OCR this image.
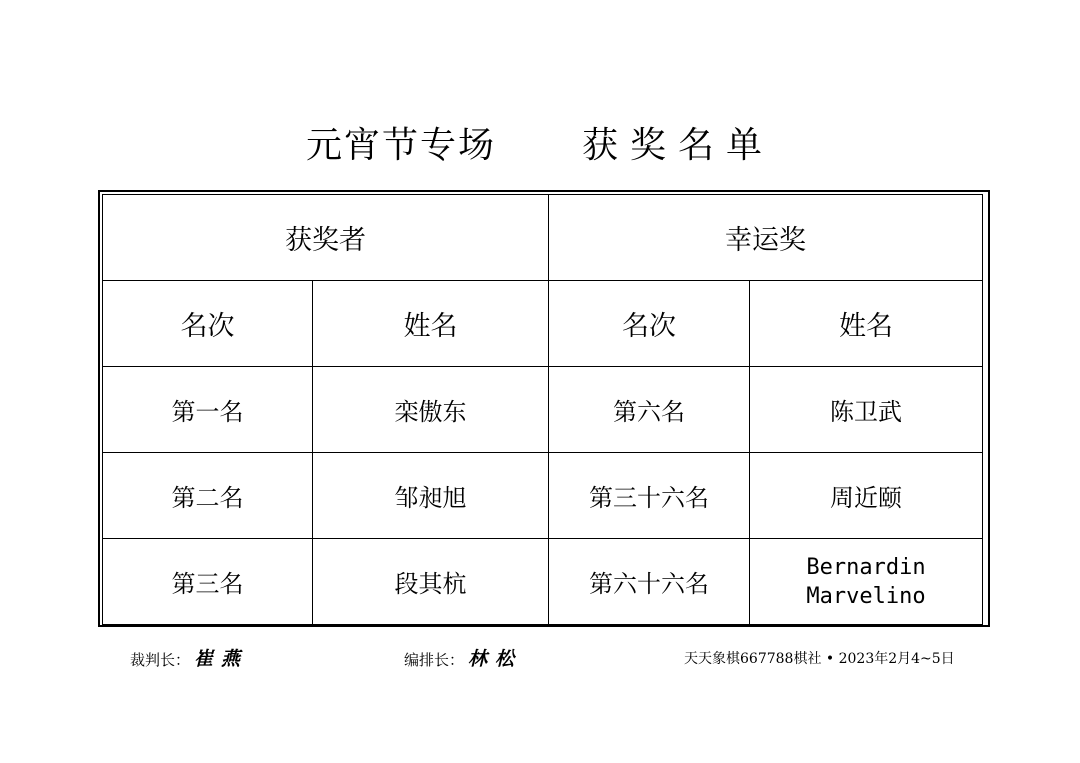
元宵节专场 获奖名单
获奖者		幸运奖	
名次	姓名	名次	姓名
第一名	栾傲东	第六名	陈卫武
第二名	邹昶旭	第三十六名	周近颐
第三名	段其杭	第六十六名	Bernardin
Marvelino
裁判长： 崔燕	编排长： 林松	天天象棋667788棋社 • 2023年2月4~5日
